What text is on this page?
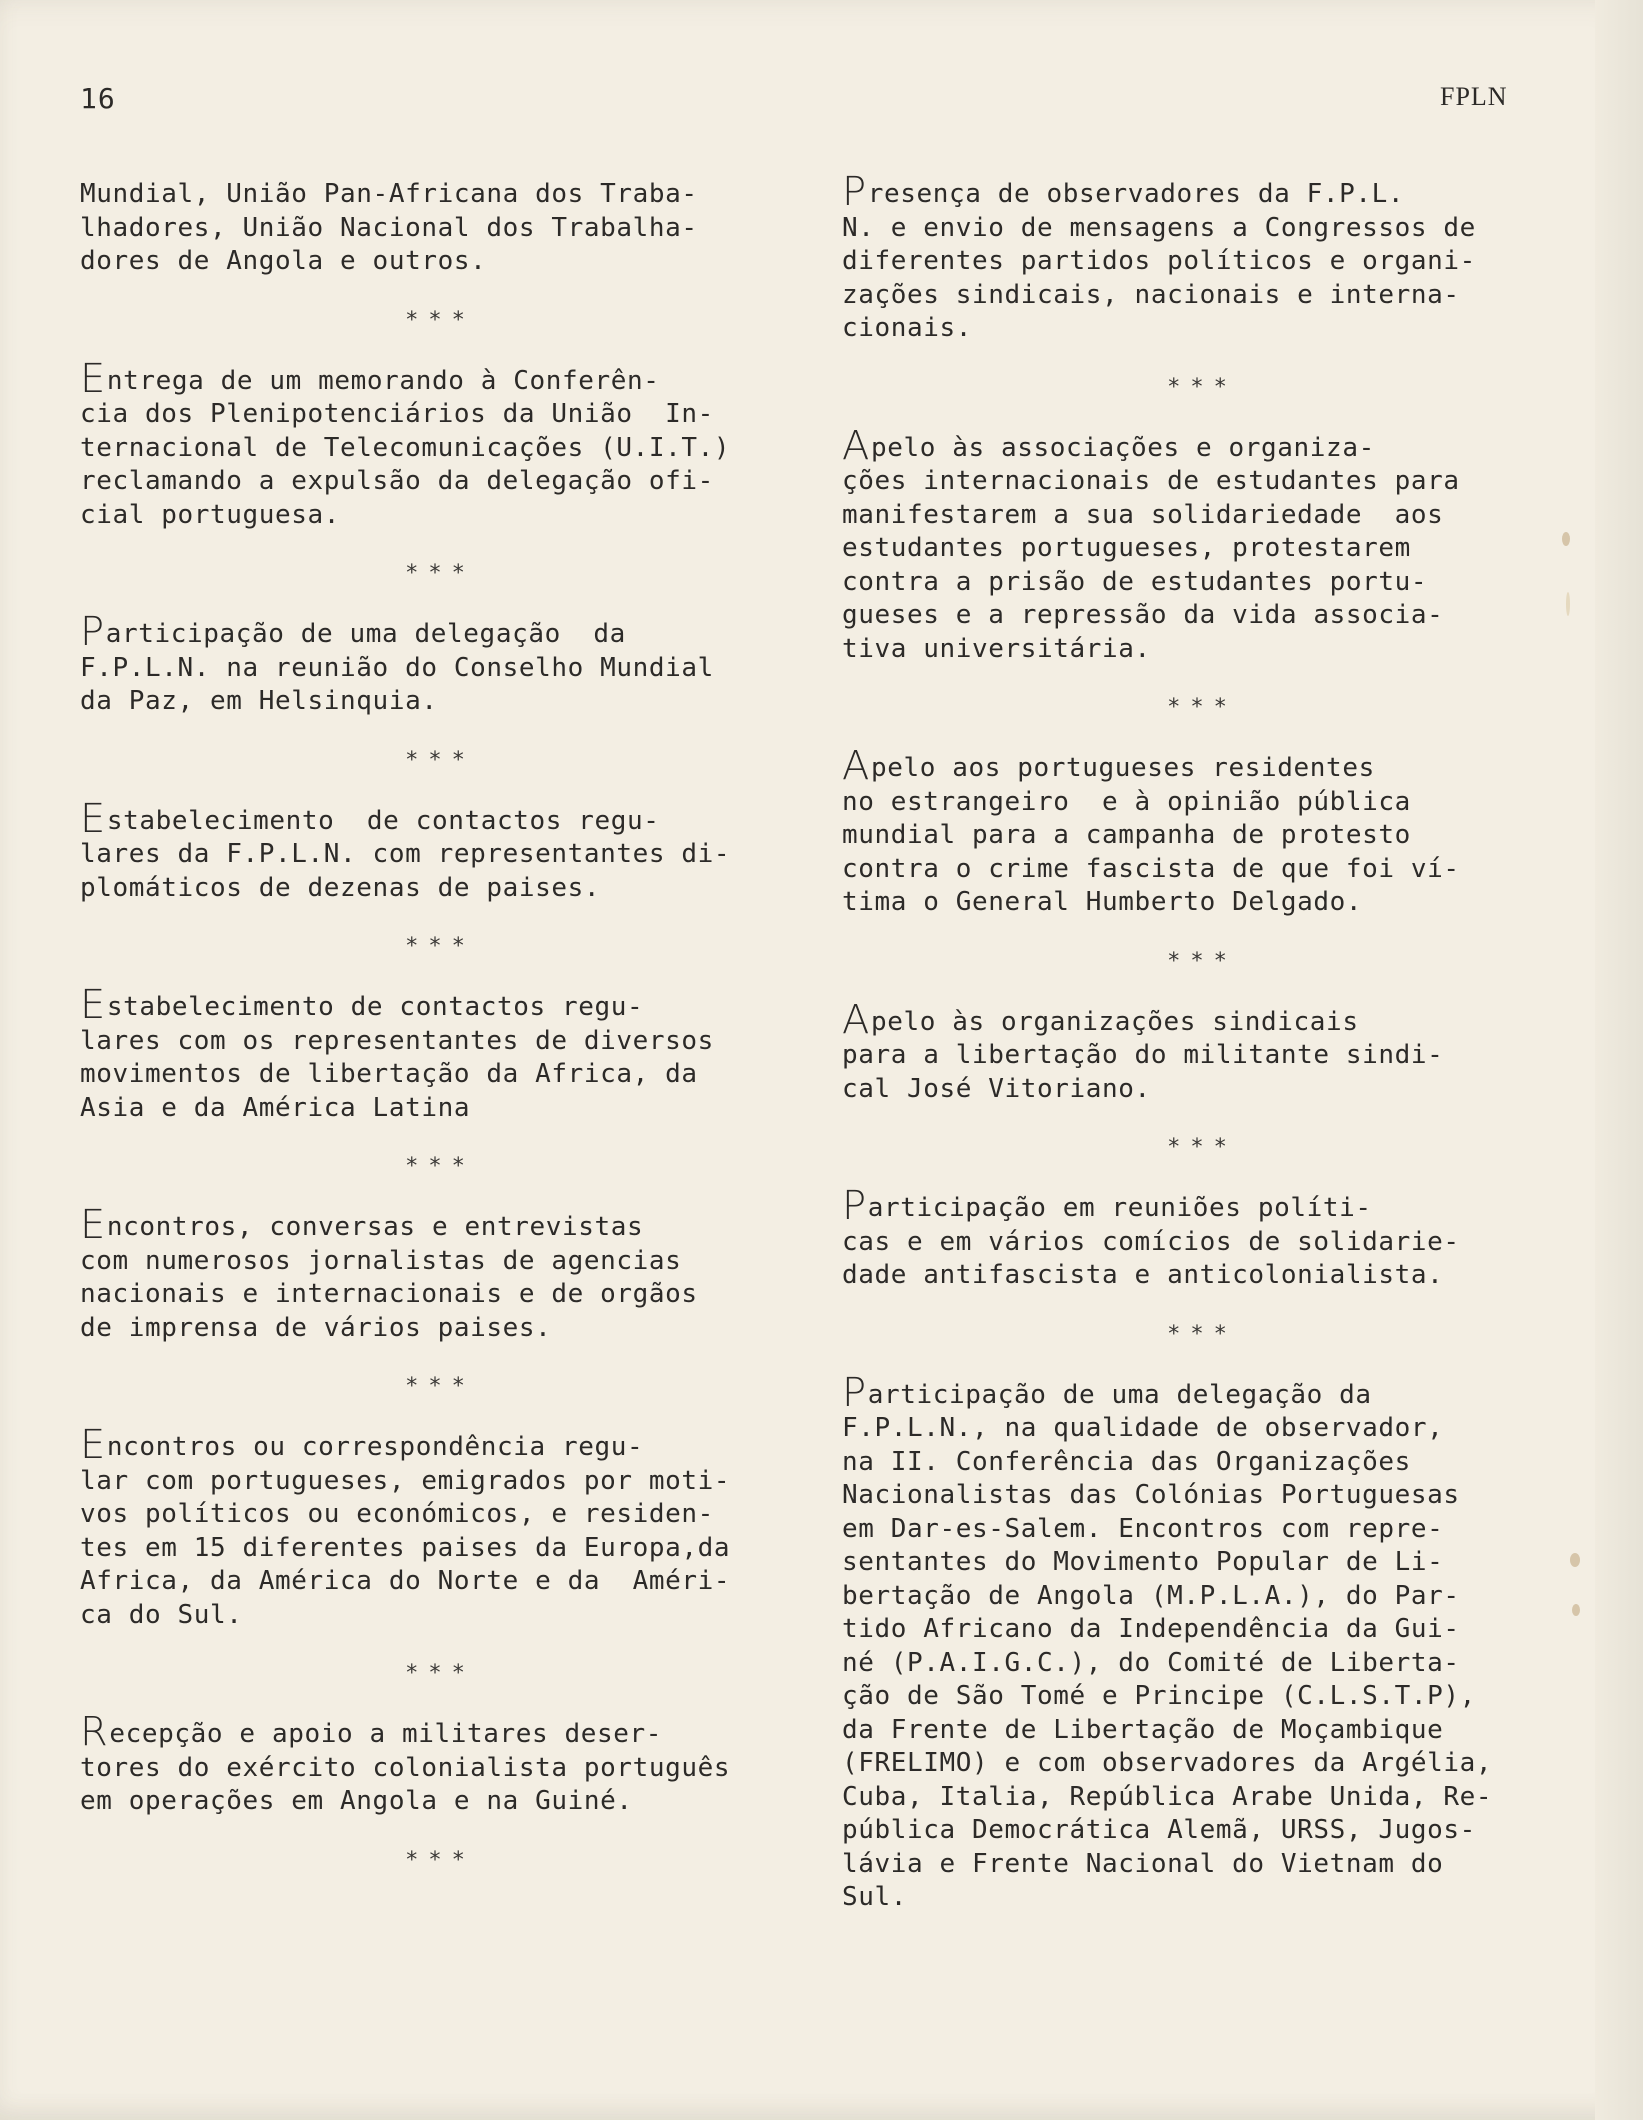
16	FPLN

Mundial, União Pan-Africana dos Traba-
lhadores, União Nacional dos Trabalha-
dores de Angola e outros.

***

Entrega de um memorando à Conferên-
cia dos Plenipotenciários da União  In-
ternacional de Telecomunicações (U.I.T.)
reclamando a expulsão da delegação ofi-
cial portuguesa.

***

Participação de uma delegação  da
F.P.L.N. na reunião do Conselho Mundial
da Paz, em Helsinquia.

***

Estabelecimento  de contactos regu-
lares da F.P.L.N. com representantes di-
plomáticos de dezenas de paises.

***

Estabelecimento de contactos regu-
lares com os representantes de diversos
movimentos de libertação da Africa, da
Asia e da América Latina

***

Encontros, conversas e entrevistas
com numerosos jornalistas de agencias
nacionais e internacionais e de orgãos
de imprensa de vários paises.

***

Encontros ou correspondência regu-
lar com portugueses, emigrados por moti-
vos políticos ou económicos, e residen-
tes em 15 diferentes paises da Europa,da
Africa, da América do Norte e da  Améri-
ca do Sul.

***

Recepção e apoio a militares deser-
tores do exército colonialista português
em operações em Angola e na Guiné.

***

Presença de observadores da F.P.L.
N. e envio de mensagens a Congressos de
diferentes partidos políticos e organi-
zações sindicais, nacionais e interna-
cionais.

***

Apelo às associações e organiza-
ções internacionais de estudantes para
manifestarem a sua solidariedade  aos
estudantes portugueses, protestarem
contra a prisão de estudantes portu-
gueses e a repressão da vida associa-
tiva universitária.

***

Apelo aos portugueses residentes
no estrangeiro  e à opinião pública
mundial para a campanha de protesto
contra o crime fascista de que foi ví-
tima o General Humberto Delgado.

***

Apelo às organizações sindicais
para a libertação do militante sindi-
cal José Vitoriano.

***

Participação em reuniões políti-
cas e em vários comícios de solidarie-
dade antifascista e anticolonialista.

***

Participação de uma delegação da
F.P.L.N., na qualidade de observador,
na II. Conferência das Organizações
Nacionalistas das Colónias Portuguesas
em Dar-es-Salem. Encontros com repre-
sentantes do Movimento Popular de Li-
bertação de Angola (M.P.L.A.), do Par-
tido Africano da Independência da Gui-
né (P.A.I.G.C.), do Comité de Liberta-
ção de São Tomé e Principe (C.L.S.T.P),
da Frente de Libertação de Moçambique
(FRELIMO) e com observadores da Argélia,
Cuba, Italia, República Arabe Unida, Re-
pública Democrática Alemã, URSS, Jugos-
lávia e Frente Nacional do Vietnam do
Sul.
